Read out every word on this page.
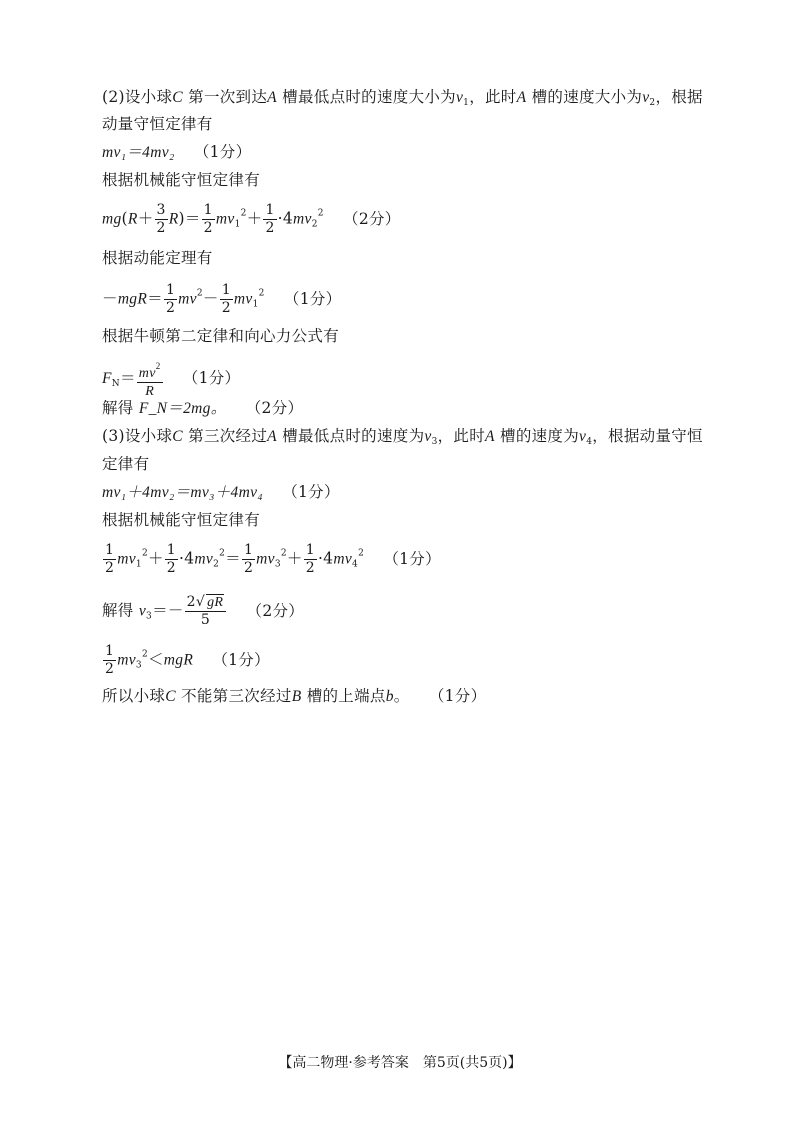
(2)设小球C 第一次到达A 槽最低点时的速度大小为$v_1$，此时A 槽的速度大小为$v_2$，根据
动量守恒定律有
mv₁＝4mv₂ （1分）
根据机械能守恒定律有
$mg(R+ \frac{3}{2} R)= \frac{1}{2} mv_1^2+ \frac{1}{2} \cdot 4mv_2^2$ （2分）
根据动能定理有
$-mgR= \frac{1}{2} mv^2- \frac{1}{2} mv_1^2$ （1分）
根据牛顿第二定律和向心力公式有
$F_N= \frac{mv^2}{R} (1$分）
解得 F_N＝2mg。 （2分）
(3)设小球C 第三次经过A 槽最低点时的速度为$v_3$，此时A 槽的速度为$v_4$，根据动量守恒
定律有
mv₁＋4mv₂＝mv₃＋4mv₄ （1分）
根据机械能守恒定律有
$\frac{1}{2} mv_1^2+ \frac{1}{2} \cdot 4mv_2^2= \frac{1}{2} mv_3^2+ \frac{1}{2} \cdot 4mv_4^2$ （1分）
解得 $v_3=- \frac{2√ gR}{5} (2$分）
$\frac{1}{2} mv_3^2<mgR$ （1分）
所以小球C 不能第三次经过B 槽的上端点b。 （1分）
【高二物理·参考答案　第5页(共5页)】
